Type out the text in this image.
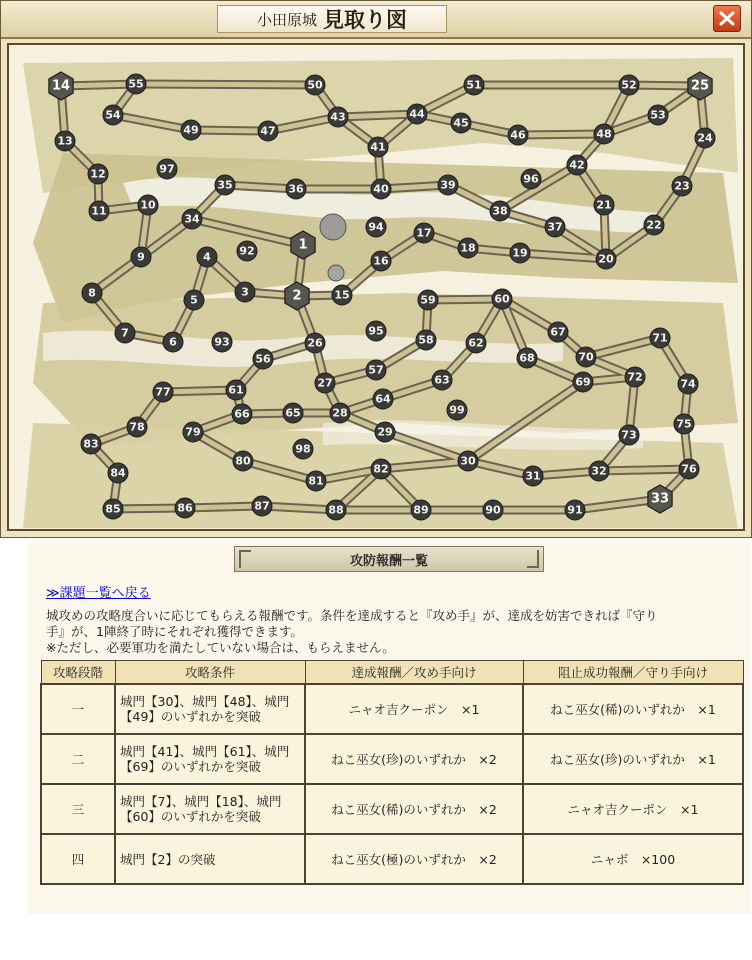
小田原城 見取り図
3
4
5
6
7
8
9
10
11
12
13
15
16
17
18	19	20
21
22
23
24
26
27
28
29
30
31	32
34
35	36
37
38
39
40
41
42
43	44
45
46
47	48
49
50	51	52
53
54
55
56
57
58
59	60
61
62
63
64
65
66
67
68
69
70
71
72
73
74
75
76
77
78	79
80
81
82
83
84
85	86	87	88	89	90	91
92
93
94
95
96
97
98
99
1
2
14	25
33
攻防報酬一覧
≫課題一覧へ戻る
城攻めの攻略度合いに応じてもらえる報酬です。条件を達成すると『攻め手』が、達成を妨害できれば『守り
手』が、1陣終了時にそれぞれ獲得できます。
※ただし、必要軍功を満たしていない場合は、もらえません。
攻略段階	攻略条件	達成報酬／攻め手向け	阻止成功報酬／守り手向け
一	城門【30】、城門【48】、城門
【49】のいずれかを突破	ニャオ吉クーポン　×1	ねこ巫女(稀)のいずれか　×1
二	城門【41】、城門【61】、城門
【69】のいずれかを突破	ねこ巫女(珍)のいずれか　×2	ねこ巫女(珍)のいずれか　×1
三	城門【7】、城門【18】、城門
【60】のいずれかを突破	ねこ巫女(稀)のいずれか　×2	ニャオ吉クーポン　×1
四	城門【2】の突破	ねこ巫女(極)のいずれか　×2	ニャボ　×100
